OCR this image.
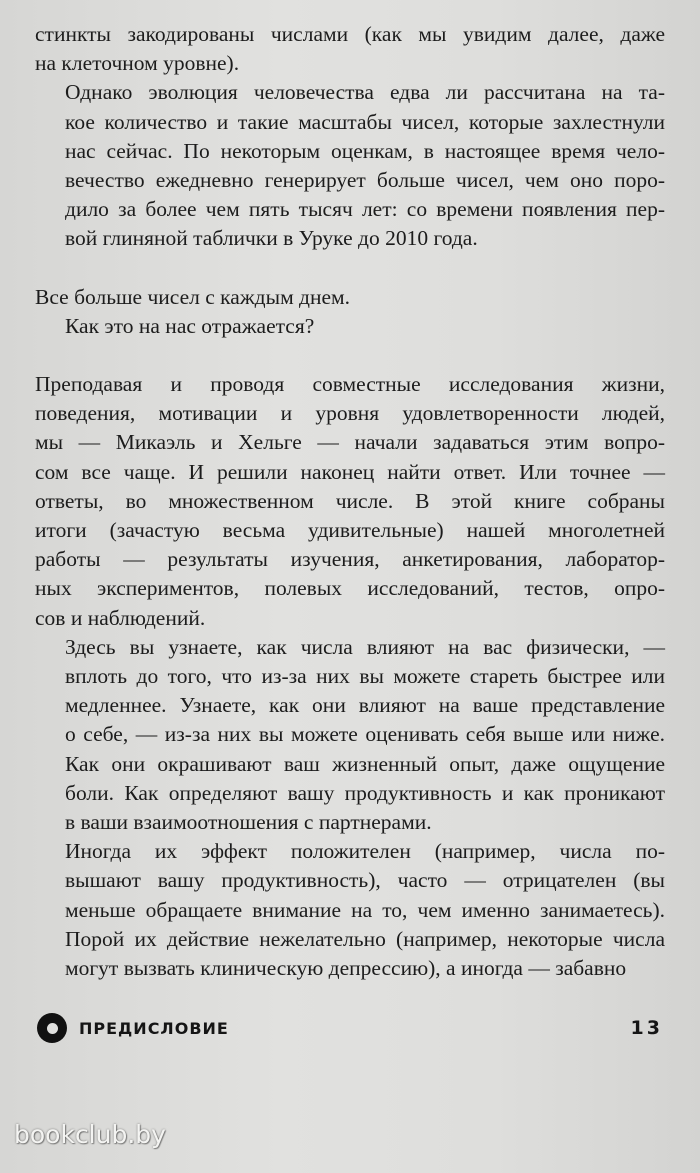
стинкты закодированы числами (как мы увидим далее, даже
на клеточном уровне).

Однако эволюция человечества едва ли рассчитана на та-
кое количество и такие масштабы чисел, которые захлестнули
нас сейчас. По некоторым оценкам, в настоящее время чело-
вечество ежедневно генерирует больше чисел, чем оно поро-
дило за более чем пять тысяч лет: со времени появления пер-
вой глиняной таблички в Уруке до 2010 года.

Все больше чисел с каждым днем.

Как это на нас отражается?

Преподавая и проводя совместные исследования жизни,
поведения, мотивации и уровня удовлетворенности людей,
мы — Микаэль и Хельге — начали задаваться этим вопро-
сом все чаще. И решили наконец найти ответ. Или точнее —
ответы, во множественном числе. В этой книге собраны
итоги (зачастую весьма удивительные) нашей многолетней
работы — результаты изучения, анкетирования, лаборатор-
ных экспериментов, полевых исследований, тестов, опро-
сов и наблюдений.

Здесь вы узнаете, как числа влияют на вас физически, —
вплоть до того, что из-за них вы можете стареть быстрее или
медленнее. Узнаете, как они влияют на ваше представление
о себе, — из-за них вы можете оценивать себя выше или ниже.
Как они окрашивают ваш жизненный опыт, даже ощущение
боли. Как определяют вашу продуктивность и как проникают
в ваши взаимоотношения с партнерами.

Иногда их эффект положителен (например, числа по-
вышают вашу продуктивность), часто — отрицателен (вы
меньше обращаете внимание на то, чем именно занимаетесь).
Порой их действие нежелательно (например, некоторые числа
могут вызвать клиническую депрессию), а иногда — забавно

ПРЕДИСЛОВИЕ	13
bookclub.by
